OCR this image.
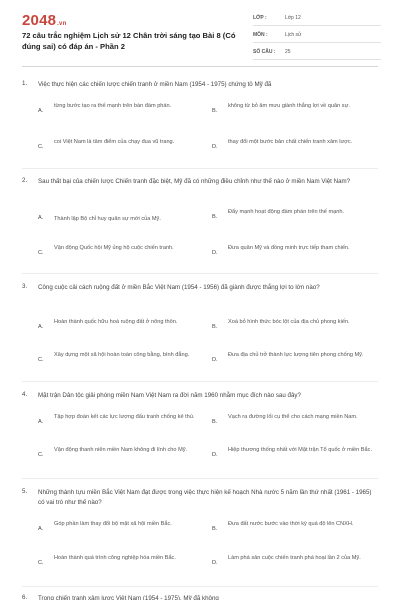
2048.vn
72 câu trắc nghiệm Lịch sử 12 Chân trời sáng tạo Bài 8 (Có đúng sai) có đáp án - Phần 2
LỚP :	Lớp 12
MÔN :	Lịch sử
SỐ CÂU : 25
1. Việc thực hiện các chiến lược chiến tranh ở miền Nam (1954 - 1975) chứng tỏ Mỹ đã
A.
từng bước tạo ra thế mạnh trên bàn đàm phán.
B.
không từ bỏ âm mưu giành thắng lợi về quân sự.
C.
coi Việt Nam là tâm điểm của chạy đua vũ trang.
D.
thay đổi một bước bản chất chiến tranh xâm lược.
2. Sau thất bại của chiến lược Chiến tranh đặc biệt, Mỹ đã có những điều chỉnh như thế nào ở miền Nam Việt Nam?
A. Thành lập Bộ chỉ huy quân sự mới của Mỹ.	B.
Đẩy mạnh hoạt động đàm phán trên thế mạnh.
C.
Vận động Quốc hội Mỹ ủng hộ cuộc chiến tranh.
D.
Đưa quân Mỹ và đồng minh trực tiếp tham chiến.
3. Công cuộc cải cách ruộng đất ở miền Bắc Việt Nam (1954 - 1956) đã giành được thắng lợi to lớn nào?
A.
Hoàn thành quốc hữu hoá ruộng đất ở nông thôn.
B.
Xoá bỏ hình thức bóc lột của địa chủ phong kiến.
C.
Xây dựng một xã hội hoàn toàn công bằng, bình đẳng.
D.
Đưa địa chủ trở thành lực lượng tiên phong chống Mỹ.
4. Mặt trận Dân tộc giải phóng miền Nam Việt Nam ra đời năm 1960 nhằm mục đích nào sau đây?
A.
Tập hợp đoàn kết các lực lượng đấu tranh chống kẻ thù.
B.
Vạch ra đường lối cụ thể cho cách mạng miền Nam.
C.
Vận động thanh niên miền Nam không đi lính cho Mỹ.
D.
Hiệp thương thống nhất với Mặt trận Tổ quốc ở miền Bắc.
5. Những thành tựu miền Bắc Việt Nam đạt được trong việc thực hiện kế hoạch Nhà nước 5 năm lần thứ nhất (1961 - 1965) có vai trò như thế nào?
A.
Góp phần làm thay đổi bộ mặt xã hội miền Bắc.
B.
Đưa đất nước bước vào thời kỳ quá độ lên CNXH.
C.
Hoàn thành quá trình công nghiệp hóa miền Bắc.
D.
Làm phá sản cuộc chiến tranh phá hoại lần 2 của Mỹ.
6. Trong chiến tranh xâm lược Việt Nam (1954 - 1975), Mỹ đã không
